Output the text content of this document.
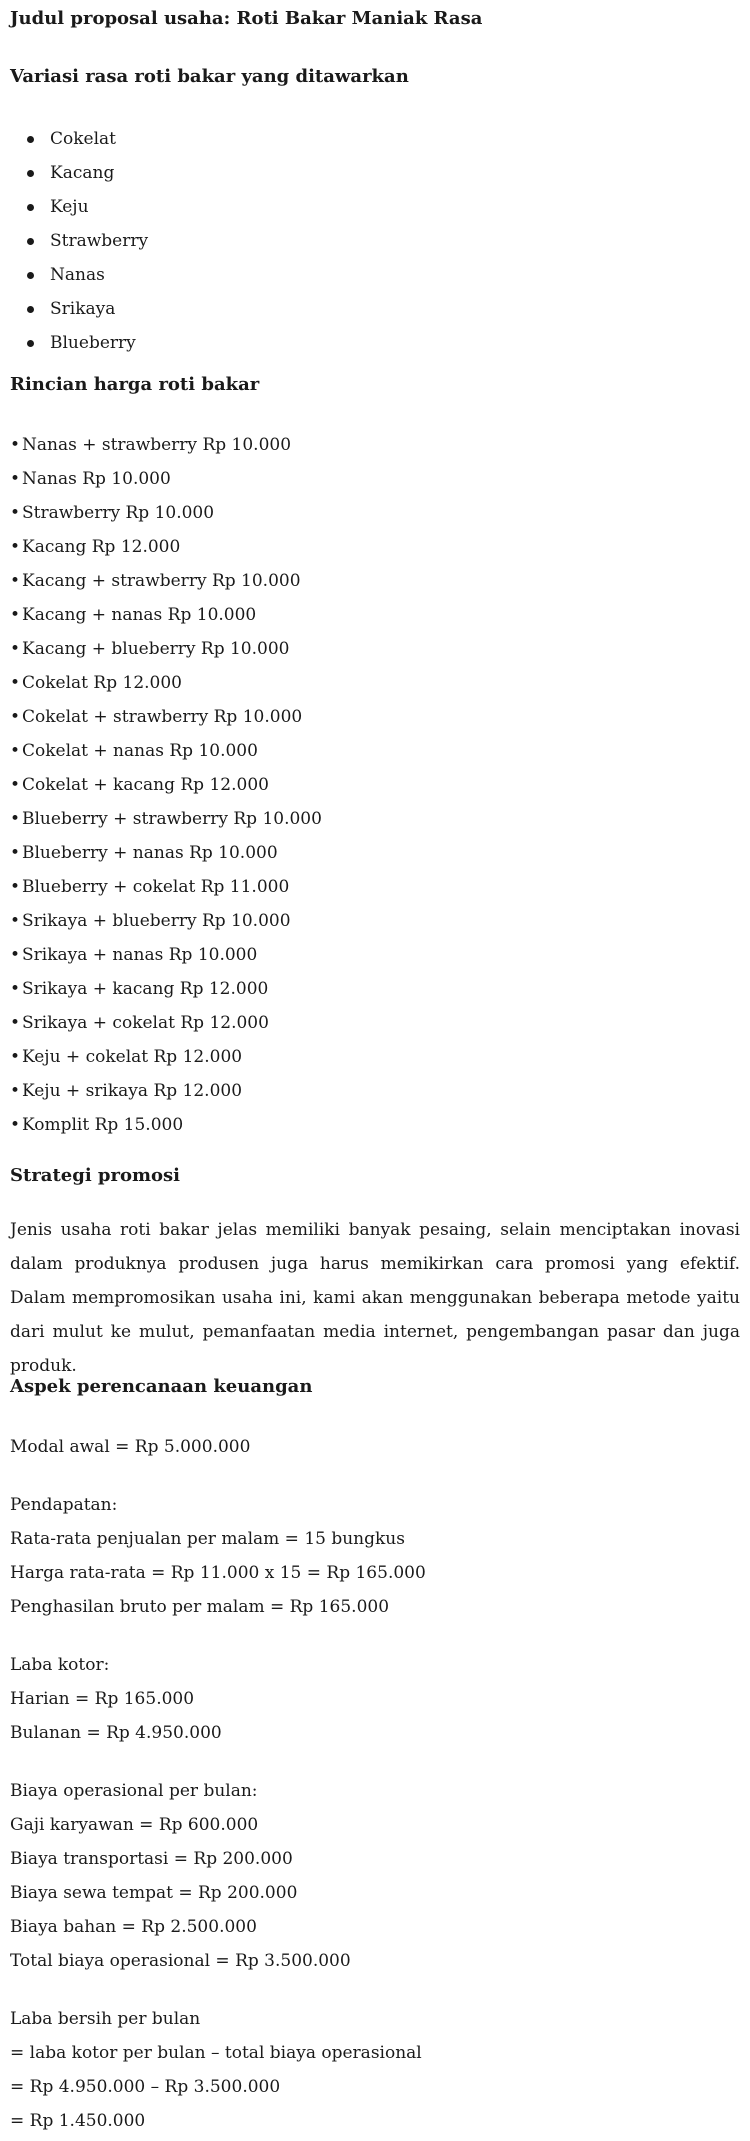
Judul proposal usaha: Roti Bakar Maniak Rasa
Variasi rasa roti bakar yang ditawarkan
Cokelat
Kacang
Keju
Strawberry
Nanas
Srikaya
Blueberry
Rincian harga roti bakar
• Nanas + strawberry Rp 10.000
• Nanas Rp 10.000
• Strawberry Rp 10.000
• Kacang Rp 12.000
• Kacang + strawberry Rp 10.000
• Kacang + nanas Rp 10.000
• Kacang + blueberry Rp 10.000
• Cokelat Rp 12.000
• Cokelat + strawberry Rp 10.000
• Cokelat + nanas Rp 10.000
• Cokelat + kacang Rp 12.000
• Blueberry + strawberry Rp 10.000
• Blueberry + nanas Rp 10.000
• Blueberry + cokelat Rp 11.000
• Srikaya + blueberry Rp 10.000
• Srikaya + nanas Rp 10.000
• Srikaya + kacang Rp 12.000
• Srikaya + cokelat Rp 12.000
• Keju + cokelat Rp 12.000
• Keju + srikaya Rp 12.000
• Komplit Rp 15.000
Strategi promosi

Jenis usaha roti bakar jelas memiliki banyak pesaing, selain menciptakan inovasi dalam produknya produsen juga harus memikirkan cara promosi yang efektif. Dalam mempromosikan usaha ini, kami akan menggunakan beberapa metode yaitu dari mulut ke mulut, pemanfaatan media internet, pengembangan pasar dan juga produk.

Aspek perencanaan keuangan

Modal awal = Rp 5.000.000

Pendapatan:

Rata-rata penjualan per malam = 15 bungkus

Harga rata-rata = Rp 11.000 x 15 = Rp 165.000

Penghasilan bruto per malam = Rp 165.000

Laba kotor:

Harian = Rp 165.000

Bulanan = Rp 4.950.000

Biaya operasional per bulan:

Gaji karyawan = Rp 600.000

Biaya transportasi = Rp 200.000

Biaya sewa tempat = Rp 200.000

Biaya bahan = Rp 2.500.000

Total biaya operasional = Rp 3.500.000

Laba bersih per bulan

= laba kotor per bulan – total biaya operasional

= Rp 4.950.000 – Rp 3.500.000

= Rp 1.450.000
